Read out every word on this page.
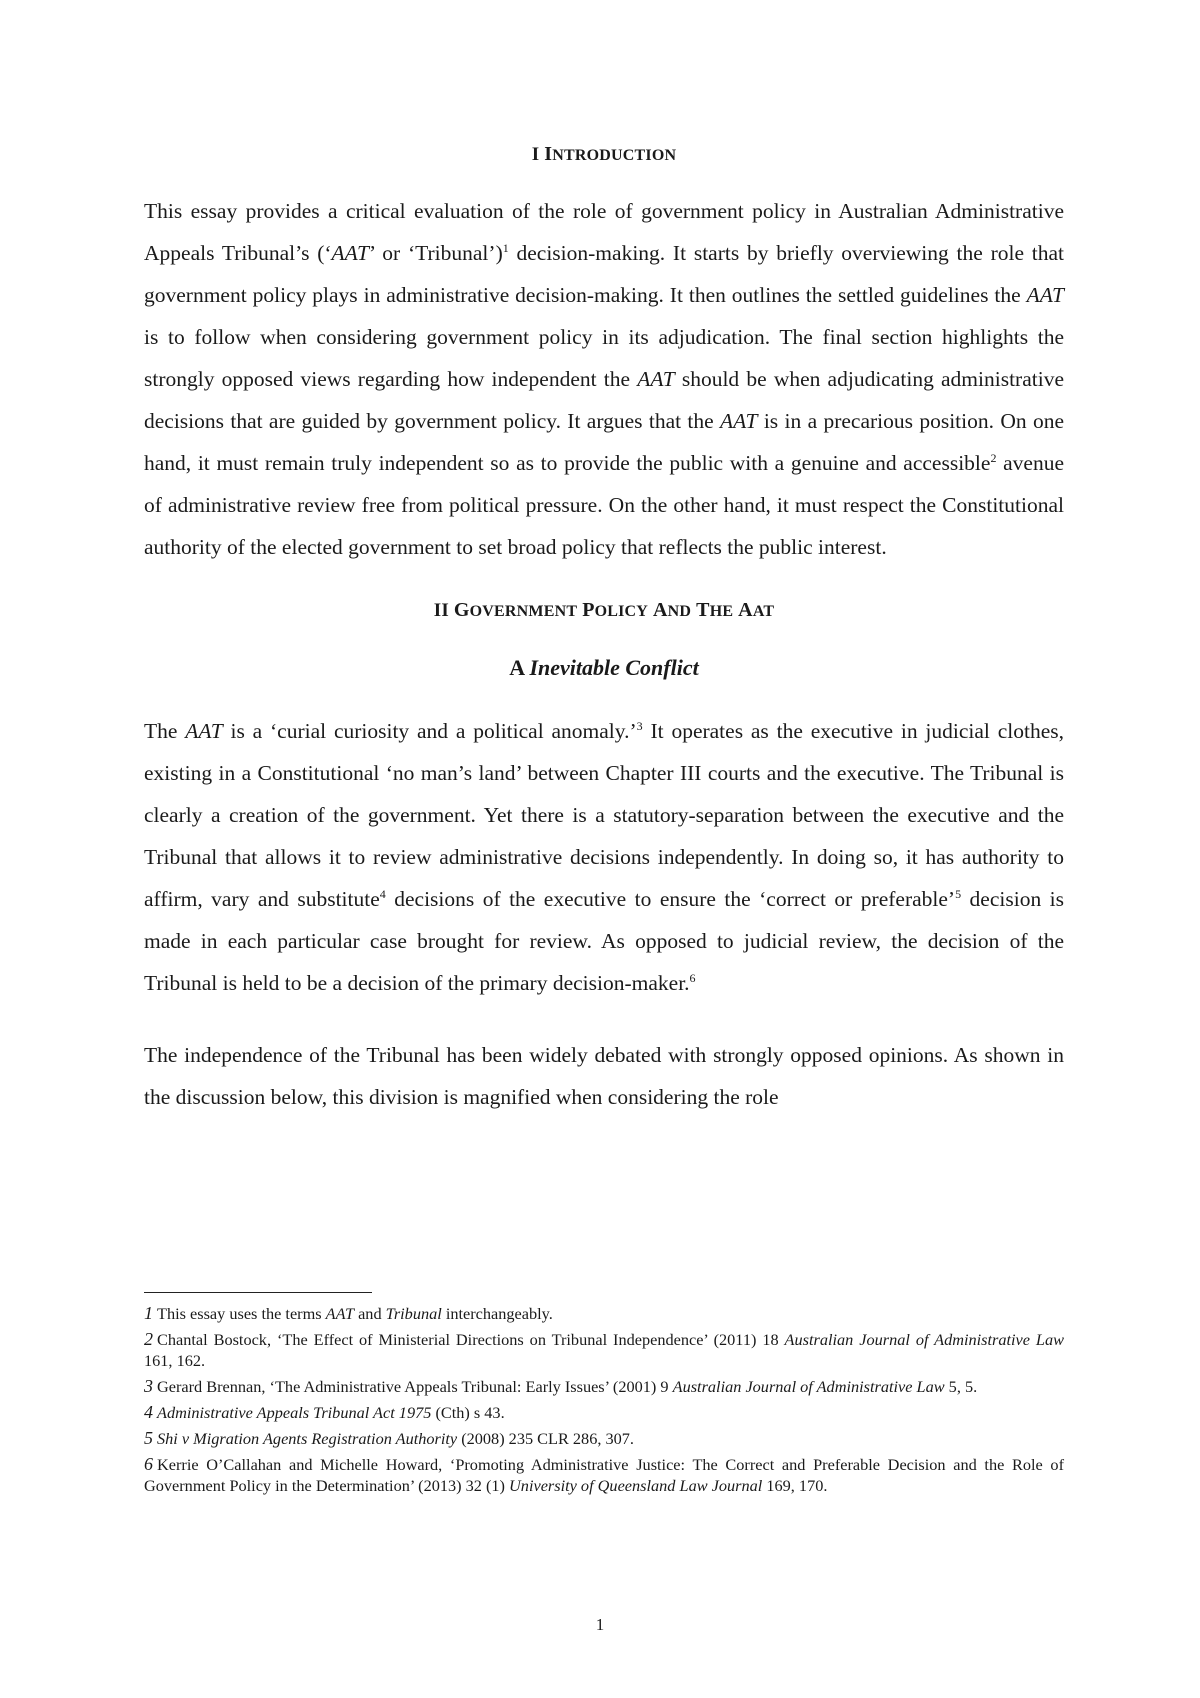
I INTRODUCTION

This essay provides a critical evaluation of the role of government policy in Australian Administrative Appeals Tribunal’s (‘AAT’ or ‘Tribunal’)$^1$ decision-making. It starts by briefly overviewing the role that government policy plays in administrative decision-making. It then outlines the settled guidelines the AAT is to follow when considering government policy in its adjudication. The final section highlights the strongly opposed views regarding how independent the AAT should be when adjudicating administrative decisions that are guided by government policy. It argues that the AAT is in a precarious position. On one hand, it must remain truly independent so as to provide the public with a genuine and accessible$^2$ avenue of administrative review free from political pressure. On the other hand, it must respect the Constitutional authority of the elected government to set broad policy that reflects the public interest.

II GOVERNMENT POLICY AND THE AAT
A Inevitable Conflict

The AAT is a ‘curial curiosity and a political anomaly.’$^3$ It operates as the executive in judicial clothes, existing in a Constitutional ‘no man’s land’ between Chapter III courts and the executive. The Tribunal is clearly a creation of the government. Yet there is a statutory-separation between the executive and the Tribunal that allows it to review administrative decisions independently. In doing so, it has authority to affirm, vary and substitute$^4$ decisions of the executive to ensure the ‘correct or preferable’$^5$ decision is made in each particular case brought for review. As opposed to judicial review, the decision of the Tribunal is held to be a decision of the primary decision-maker.$^6$

The independence of the Tribunal has been widely debated with strongly opposed opinions. As shown in the discussion below, this division is magnified when considering the role

1 This essay uses the terms AAT and Tribunal interchangeably.

2 Chantal Bostock, ‘The Effect of Ministerial Directions on Tribunal Independence’ (2011) 18 Australian Journal of Administrative Law 161, 162.

3 Gerard Brennan, ‘The Administrative Appeals Tribunal: Early Issues’ (2001) 9 Australian Journal of Administrative Law 5, 5.

4 Administrative Appeals Tribunal Act 1975 (Cth) s 43.

5 Shi v Migration Agents Registration Authority (2008) 235 CLR 286, 307.

6 Kerrie O’Callahan and Michelle Howard, ‘Promoting Administrative Justice: The Correct and Preferable Decision and the Role of Government Policy in the Determination’ (2013) 32 (1) University of Queensland Law Journal 169, 170.

1
